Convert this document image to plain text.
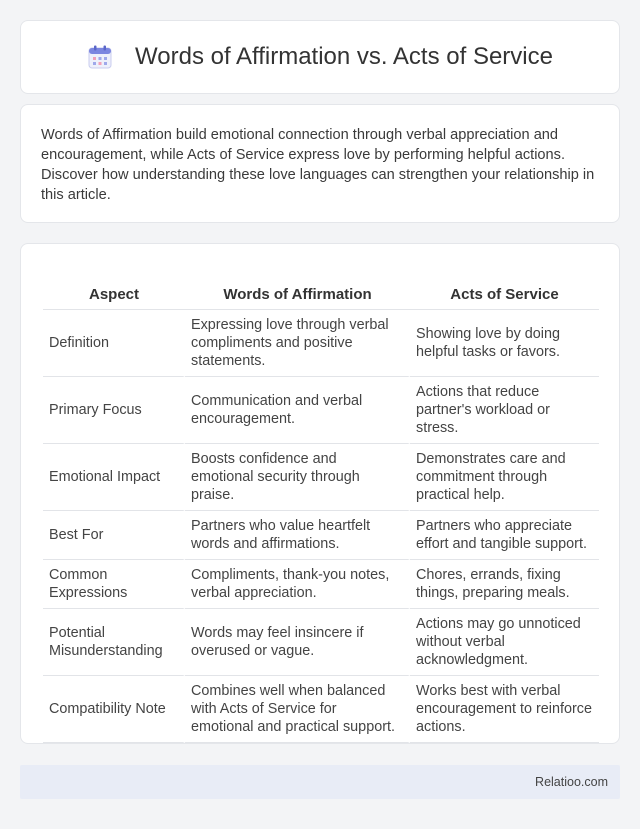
Words of Affirmation vs. Acts of Service

Words of Affirmation build emotional connection through verbal appreciation and encouragement, while Acts of Service express love by performing helpful actions. Discover how understanding these love languages can strengthen your relationship in this article.

Aspect	Words of Affirmation	Acts of Service
Definition	Expressing love through verbal compliments and positive statements.	Showing love by doing helpful tasks or favors.
Primary Focus	Communication and verbal encouragement.	Actions that reduce partner's workload or stress.
Emotional Impact	Boosts confidence and emotional security through praise.	Demonstrates care and commitment through practical help.
Best For	Partners who value heartfelt words and affirmations.	Partners who appreciate effort and tangible support.
Common Expressions	Compliments, thank-you notes, verbal appreciation.	Chores, errands, fixing things, preparing meals.
Potential Misunderstanding	Words may feel insincere if overused or vague.	Actions may go unnoticed without verbal acknowledgment.
Compatibility Note	Combines well when balanced with Acts of Service for emotional and practical support.	Works best with verbal encouragement to reinforce actions.
Relatioo.com
